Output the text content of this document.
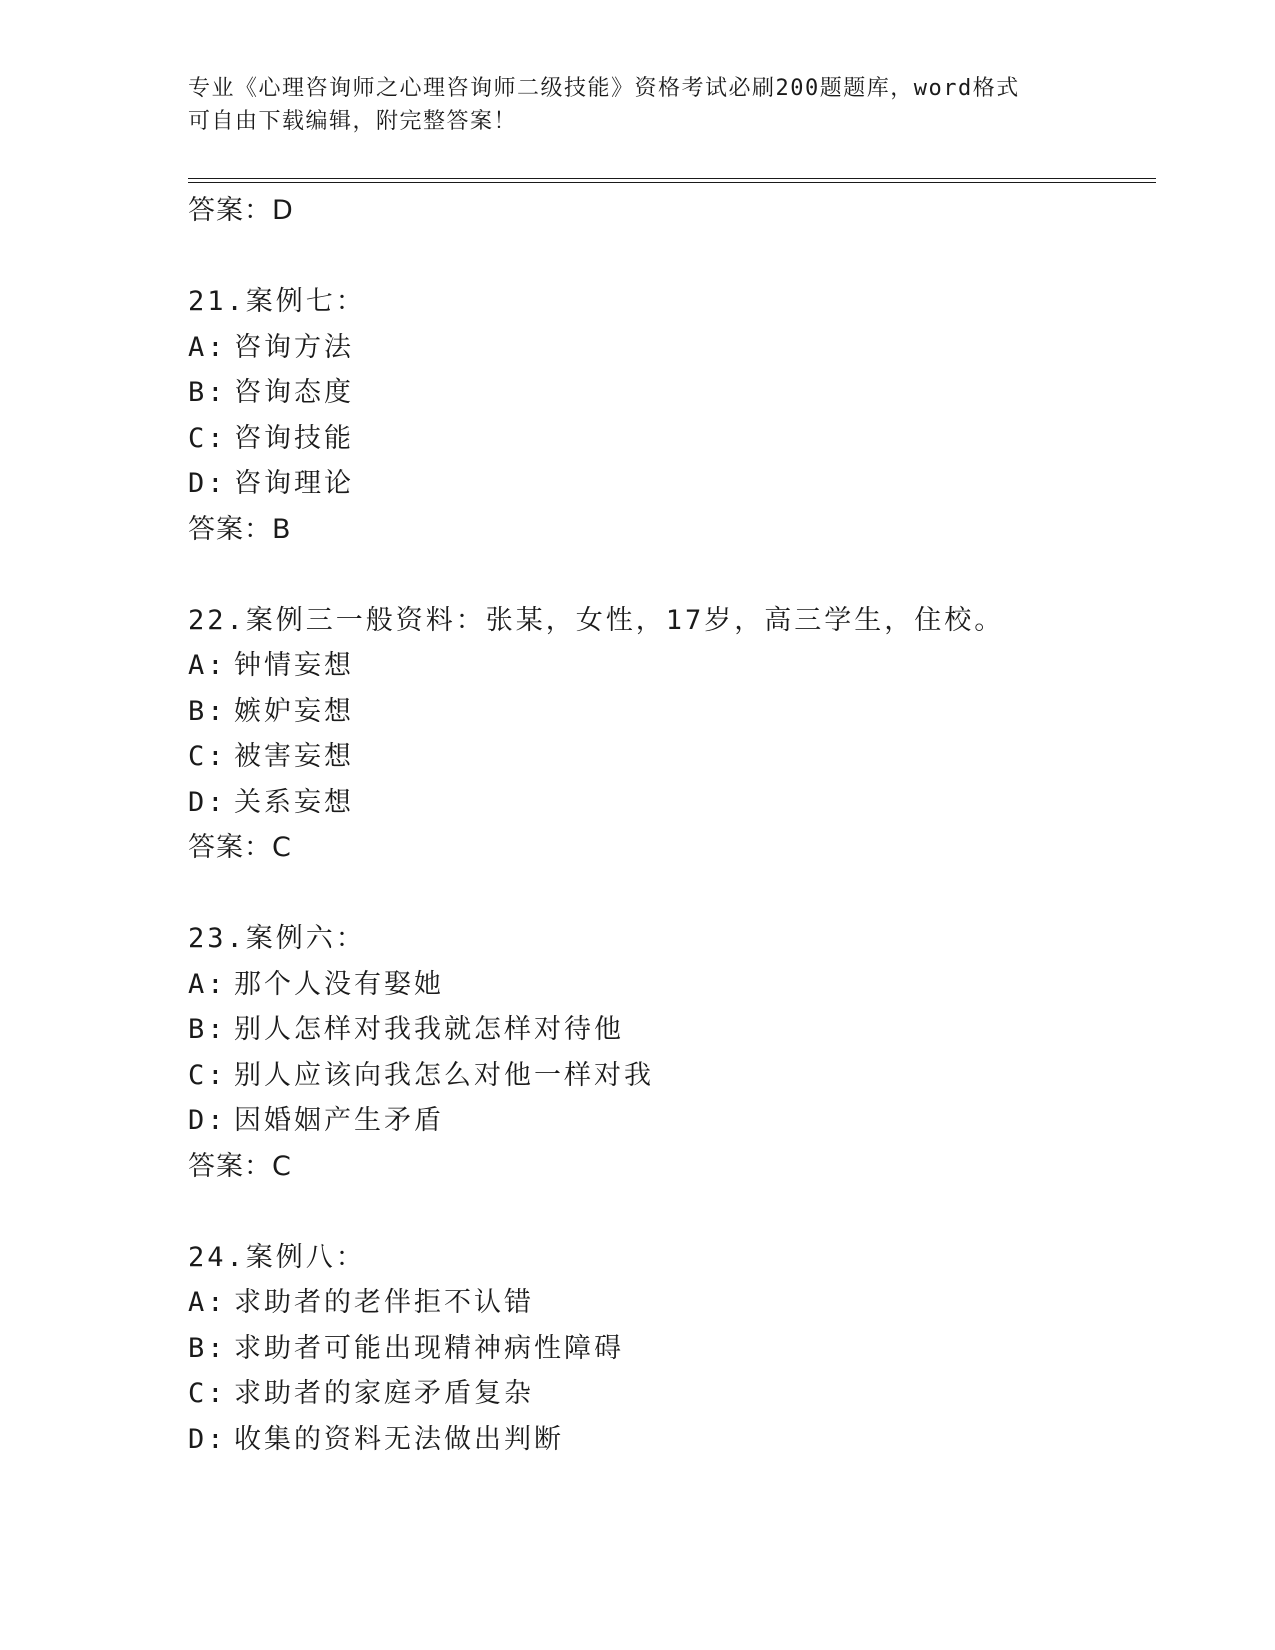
专业《心理咨询师之心理咨询师二级技能》资格考试必刷200题题库，word格式
可自由下载编辑，附完整答案！
答案：D
21.案例七：
A: 咨询方法
B: 咨询态度
C: 咨询技能
D: 咨询理论
答案：B
22.案例三一般资料：张某，女性，17岁，高三学生，住校。
A: 钟情妄想
B: 嫉妒妄想
C: 被害妄想
D: 关系妄想
答案：C
23.案例六：
A: 那个人没有娶她
B: 别人怎样对我我就怎样对待他
C: 别人应该向我怎么对他一样对我
D: 因婚姻产生矛盾
答案：C
24.案例八：
A: 求助者的老伴拒不认错
B: 求助者可能出现精神病性障碍
C: 求助者的家庭矛盾复杂
D: 收集的资料无法做出判断
